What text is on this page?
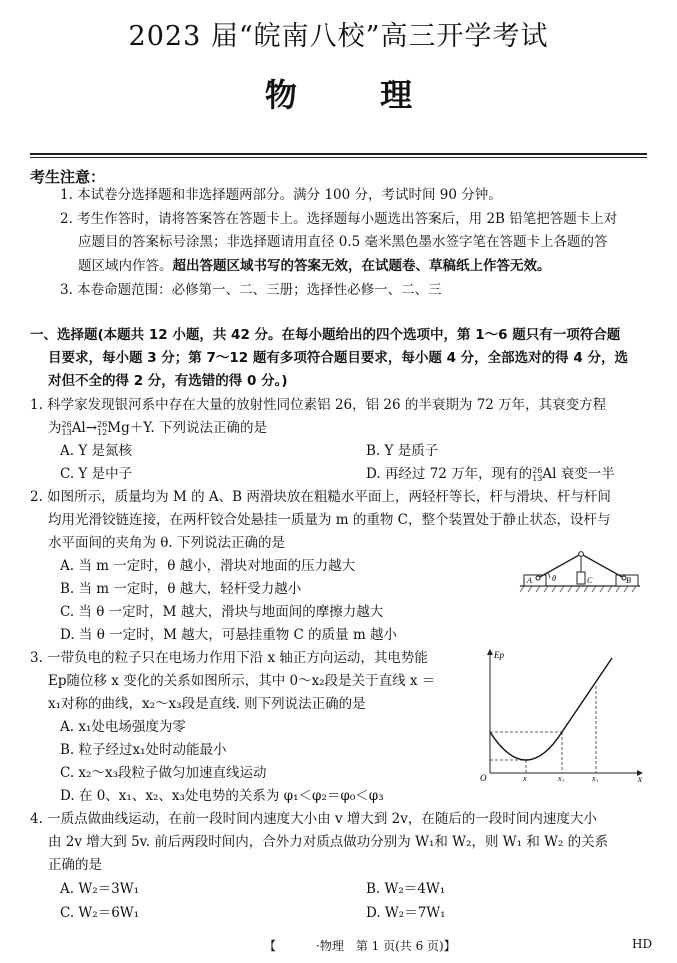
2023 届“皖南八校”高三开学考试
物 理
考生注意：
1. 本试卷分选择题和非选择题两部分。满分 100 分，考试时间 90 分钟。
2. 考生作答时，请将答案答在答题卡上。选择题每小题选出答案后，用 2B 铅笔把答题卡上对
应题目的答案标号涂黑；非选择题请用直径 0.5 毫米黑色墨水签字笔在答题卡上各题的答
题区域内作答。超出答题区域书写的答案无效，在试题卷、草稿纸上作答无效。
3. 本卷命题范围：必修第一、二、三册；选择性必修一、二、三
一、选择题(本题共 12 小题，共 42 分。在每小题给出的四个选项中，第 1～6 题只有一项符合题
目要求，每小题 3 分；第 7～12 题有多项符合题目要求，每小题 4 分，全部选对的得 4 分，选
对但不全的得 2 分，有选错的得 0 分。)
1. 科学家发现银河系中存在大量的放射性同位素铝 26，铝 26 的半衰期为 72 万年，其衰变方程
为26
13Al→26
12Mg＋Y. 下列说法正确的是
A. Y 是氮核	B. Y 是质子
C. Y 是中子	D. 再经过 72 万年，现有的26
13Al 衰变一半
2. 如图所示，质量均为 M 的 A、B 两滑块放在粗糙水平面上，两轻杆等长，杆与滑块、杆与杆间
均用光滑铰链连接，在两杆铰合处悬挂一质量为 m 的重物 C，整个装置处于静止状态，设杆与
水平面间的夹角为 θ. 下列说法正确的是
A. 当 m 一定时，θ 越小，滑块对地面的压力越大
B. 当 m 一定时，θ 越大，轻杆受力越小
C. 当 θ 一定时，M 越大，滑块与地面间的摩擦力越大
D. 当 θ 一定时，M 越大，可悬挂重物 C 的质量 m 越小
A	B
C
θ
3. 一带负电的粒子只在电场力作用下沿 x 轴正方向运动，其电势能
Ep随位移 x 变化的关系如图所示，其中 0～x₂段是关于直线 x ＝
x₁对称的曲线，x₂～x₃段是直线. 则下列说法正确的是
A. x₁处电场强度为零
B. 粒子经过x₁处时动能最小
C. x₂～x₃段粒子做匀加速直线运动
D. 在 0、x₁、x₂、x₃处电势的关系为 φ₁＜φ₂＝φ₀＜φ₃
Ep
x
O	x	x₂	x₃
4. 一质点做曲线运动，在前一段时间内速度大小由 v 增大到 2v，在随后的一段时间内速度大小
由 2v 增大到 5v. 前后两段时间内，合外力对质点做功分别为 W₁和 W₂，则 W₁ 和 W₂ 的关系
正确的是
A. W₂＝3W₁	B. W₂＝4W₁
C. W₂＝6W₁	D. W₂＝7W₁
【	·物理　第 1 页(共 6 页)】	HD
